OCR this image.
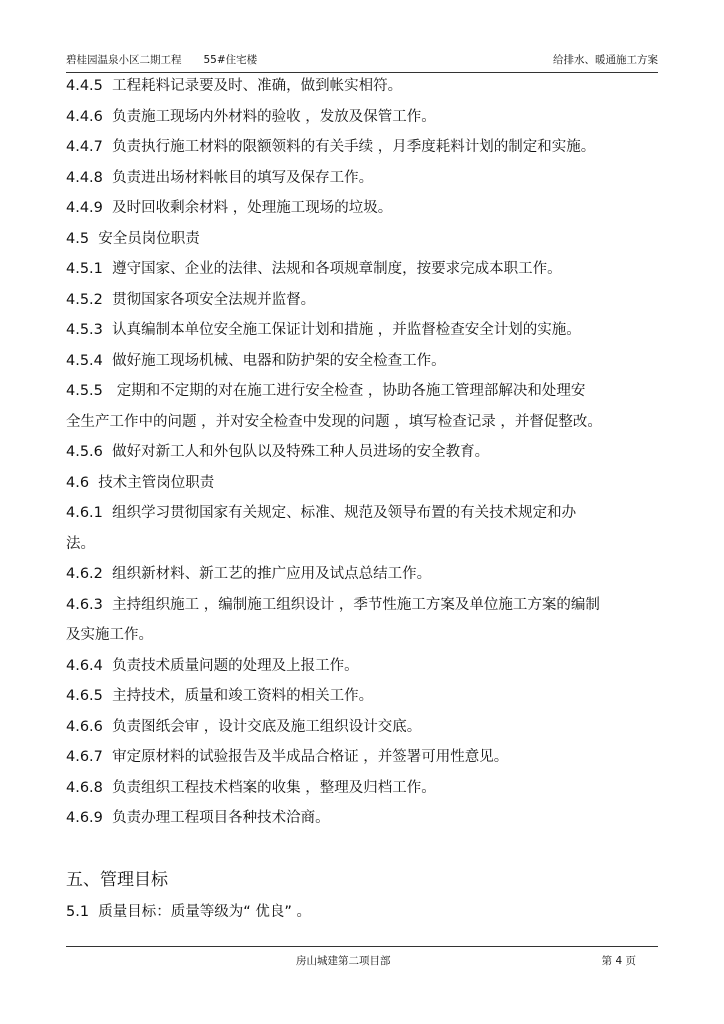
碧桂园温泉小区二期工程 55#住宅楼	给排水、暖通施工方案
4.4.5 工程耗料记录要及时、准确，做到帐实相符。
4.4.6 负责施工现场内外材料的验收 ，发放及保管工作。
4.4.7 负责执行施工材料的限额领料的有关手续 ，月季度耗料计划的制定和实施。
4.4.8 负责进出场材料帐目的填写及保存工作。
4.4.9 及时回收剩余材料 ，处理施工现场的垃圾。
4.5 安全员岗位职责
4.5.1 遵守国家、企业的法律、法规和各项规章制度，按要求完成本职工作。
4.5.2 贯彻国家各项安全法规并监督。
4.5.3 认真编制本单位安全施工保证计划和措施 ，并监督检查安全计划的实施。
4.5.4 做好施工现场机械、电器和防护架的安全检查工作。
4.5.5   定期和不定期的对在施工进行安全检查 ，协助各施工管理部解决和处理安
全生产工作中的问题 ，并对安全检查中发现的问题 ，填写检查记录 ，并督促整改。
4.5.6 做好对新工人和外包队以及特殊工种人员进场的安全教育。
4.6 技术主管岗位职责
4.6.1 组织学习贯彻国家有关规定、标准、规范及领导布置的有关技术规定和办
法。
4.6.2 组织新材料、新工艺的推广应用及试点总结工作。
4.6.3 主持组织施工 ，编制施工组织设计 ，季节性施工方案及单位施工方案的编制
及实施工作。
4.6.4 负责技术质量问题的处理及上报工作。
4.6.5 主持技术，质量和竣工资料的相关工作。
4.6.6 负责图纸会审 ，设计交底及施工组织设计交底。
4.6.7 审定原材料的试验报告及半成品合格证 ，并签署可用性意见。
4.6.8 负责组织工程技术档案的收集 ，整理及归档工作。
4.6.9 负责办理工程项目各种技术洽商。
五、管理目标
5.1 质量目标：质量等级为“ 优良” 。
房山城建第二项目部	第 4 页
